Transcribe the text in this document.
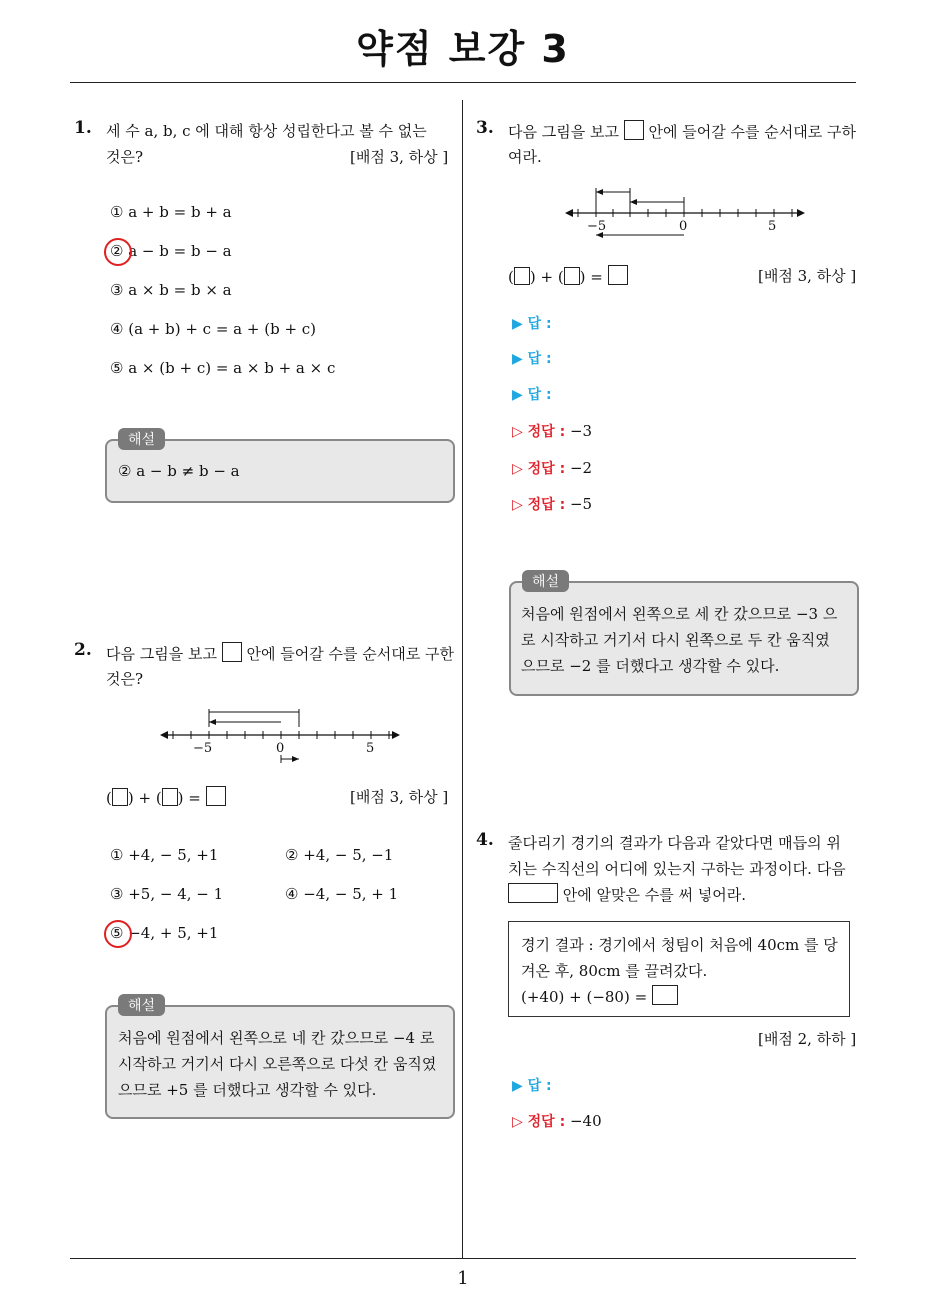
약점 보강 3
1
1. 세 수 a, b, c 에 대해 항상 성립한다고 볼 수 없는
것은?	[배점 3, 하상 ]
① a + b = b + a
② a − b = b − a
③ a × b = b × a
④ (a + b) + c = a + (b + c)
⑤ a × (b + c) = a × b + a × c
해설
② a − b ≠ b − a
2. 다음 그림을 보고  안에 들어갈 수를 순서대로 구한
것은?
−5	0	5
( ) + ( ) =	[배점 3, 하상 ]
① +4, − 5, +1	② +4, − 5, −1
③ +5, − 4, − 1	④ −4, − 5, + 1
⑤ −4, + 5, +1
해설
처음에 원점에서 왼쪽으로 네 칸 갔으므로 −4 로
시작하고 거기서 다시 오른쪽으로 다섯 칸 움직였
으므로 +5 를 더했다고 생각할 수 있다.
3. 다음 그림을 보고  안에 들어갈 수를 순서대로 구하
여라.
−5	0	5
( ) + ( ) =	[배점 3, 하상 ]
▶ 답 :
▶ 답 :
▶ 답 :
▷ 정답 : −3
▷ 정답 : −2
▷ 정답 : −5
해설
처음에 원점에서 왼쪽으로 세 칸 갔으므로 −3 으
로 시작하고 거기서 다시 왼쪽으로 두 칸 움직였
으므로 −2 를 더했다고 생각할 수 있다.
4. 줄다리기 경기의 결과가 다음과 같았다면 매듭의 위
치는 수직선의 어디에 있는지 구하는 과정이다. 다음
안에 알맞은 수를 써 넣어라.
경기 결과 : 경기에서 청팀이 처음에 40cm 를 당
겨온 후, 80cm 를 끌려갔다.
(+40) + (−80) =
[배점 2, 하하 ]
▶ 답 :
▷ 정답 : −40
